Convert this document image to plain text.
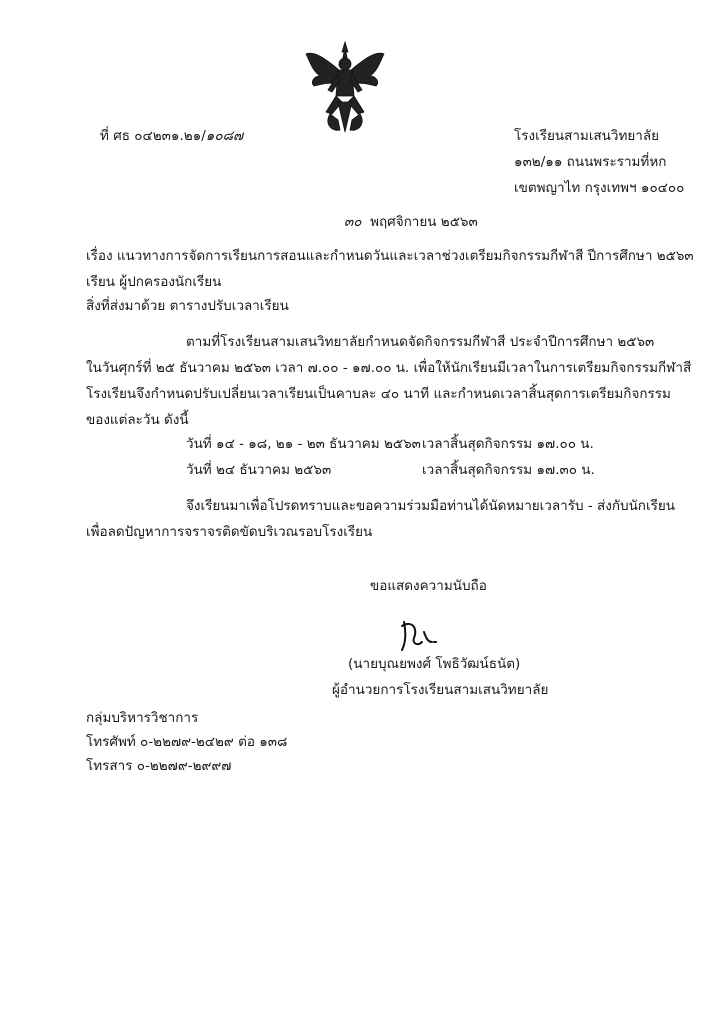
ที่ ศธ ๐๔๒๓๑.๒๑/๑๐๘๗	โรงเรียนสามเสนวิทยาลัย
๑๓๒/๑๑ ถนนพระรามที่หก
เขตพญาไท กรุงเทพฯ ๑๐๔๐๐
๓๐ พฤศจิกายน ๒๕๖๓
เรื่อง แนวทางการจัดการเรียนการสอนและกำหนดวันและเวลาช่วงเตรียมกิจกรรมกีฬาสี ปีการศึกษา ๒๕๖๓
เรียน ผู้ปกครองนักเรียน
สิ่งที่ส่งมาด้วย ตารางปรับเวลาเรียน
ตามที่โรงเรียนสามเสนวิทยาลัยกำหนดจัดกิจกรรมกีฬาสี ประจำปีการศึกษา ๒๕๖๓
ในวันศุกร์ที่ ๒๕ ธันวาคม ๒๕๖๓ เวลา ๗.๐๐ - ๑๗.๐๐ น. เพื่อให้นักเรียนมีเวลาในการเตรียมกิจกรรมกีฬาสี
โรงเรียนจึงกำหนดปรับเปลี่ยนเวลาเรียนเป็นคาบละ ๔๐ นาที และกำหนดเวลาสิ้นสุดการเตรียมกิจกรรม
ของแต่ละวัน ดังนี้
วันที่ ๑๔ - ๑๘, ๒๑ - ๒๓ ธันวาคม ๒๕๖๓ เวลาสิ้นสุดกิจกรรม ๑๗.๐๐ น.
วันที่ ๒๔ ธันวาคม ๒๕๖๓	เวลาสิ้นสุดกิจกรรม ๑๗.๓๐ น.
จึงเรียนมาเพื่อโปรดทราบและขอความร่วมมือท่านได้นัดหมายเวลารับ - ส่งกับนักเรียน
เพื่อลดปัญหาการจราจรติดขัดบริเวณรอบโรงเรียน
ขอแสดงความนับถือ
(นายบุณยพงศ์ โพธิวัฒน์ธนัต)
ผู้อำนวยการโรงเรียนสามเสนวิทยาลัย
กลุ่มบริหารวิชาการ
โทรศัพท์ ๐-๒๒๗๙-๒๔๒๙ ต่อ ๑๓๘
โทรสาร ๐-๒๒๗๙-๒๙๙๗
